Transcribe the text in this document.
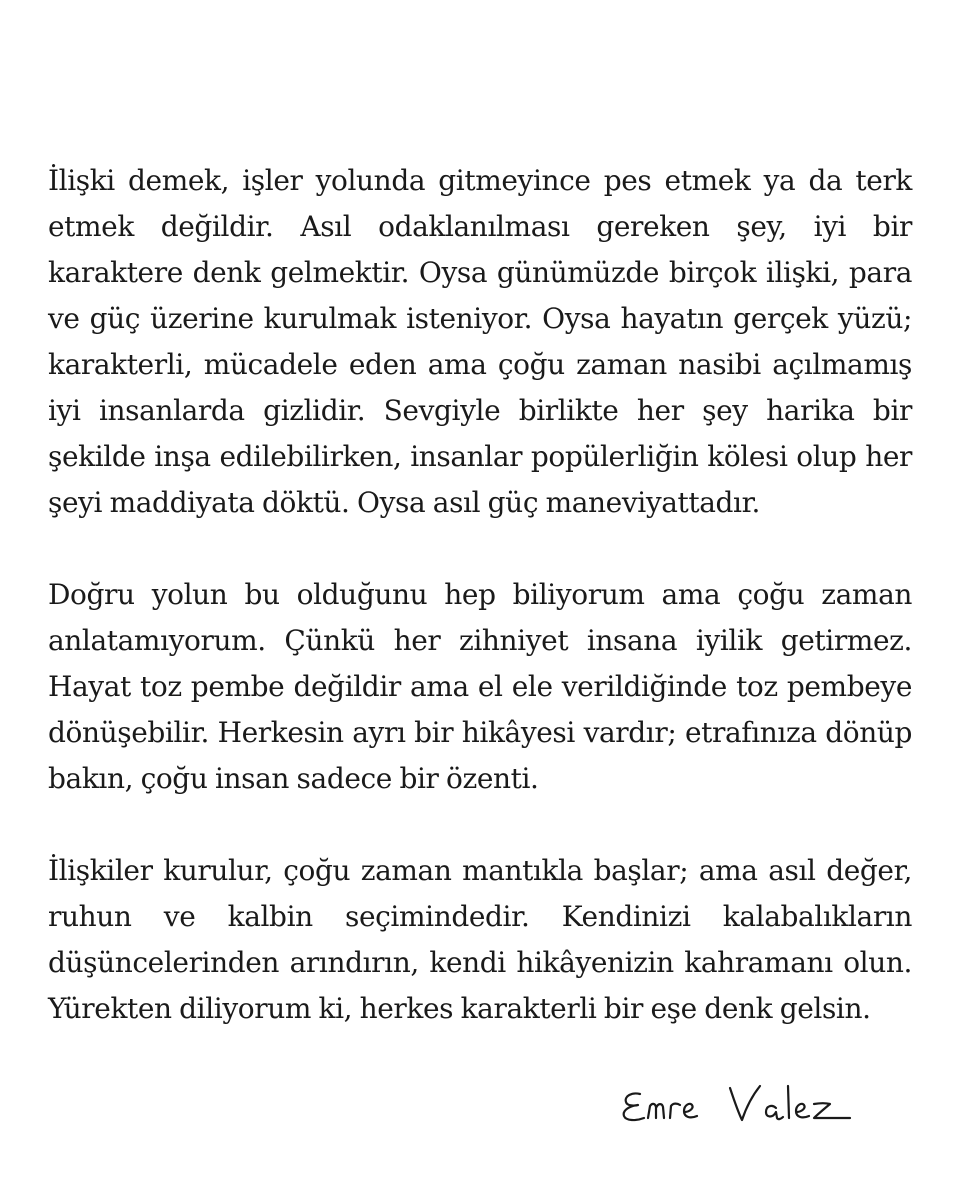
İlişki demek, işler yolunda gitmeyince pes etmek ya da terk etmek değildir. Asıl odaklanılması gereken şey, iyi bir karaktere denk gelmektir. Oysa günümüzde birçok ilişki, para ve güç üzerine kurulmak isteniyor. Oysa hayatın gerçek yüzü; karakterli, mücadele eden ama çoğu zaman nasibi açılmamış iyi insanlarda gizlidir. Sevgiyle birlikte her şey harika bir şekilde inşa edilebilirken, insanlar popülerliğin kölesi olup her şeyi maddiyata döktü. Oysa asıl güç maneviyattadır.

Doğru yolun bu olduğunu hep biliyorum ama çoğu zaman anlatamıyorum. Çünkü her zihniyet insana iyilik getirmez. Hayat toz pembe değildir ama el ele verildiğinde toz pembeye dönüşebilir. Herkesin ayrı bir hikâyesi vardır; etrafınıza dönüp bakın, çoğu insan sadece bir özenti.

İlişkiler kurulur, çoğu zaman mantıkla başlar; ama asıl değer, ruhun ve kalbin seçimindedir. Kendinizi kalabalıkların düşüncelerinden arındırın, kendi hikâyenizin kahramanı olun. Yürekten diliyorum ki, herkes karakterli bir eşe denk gelsin.
